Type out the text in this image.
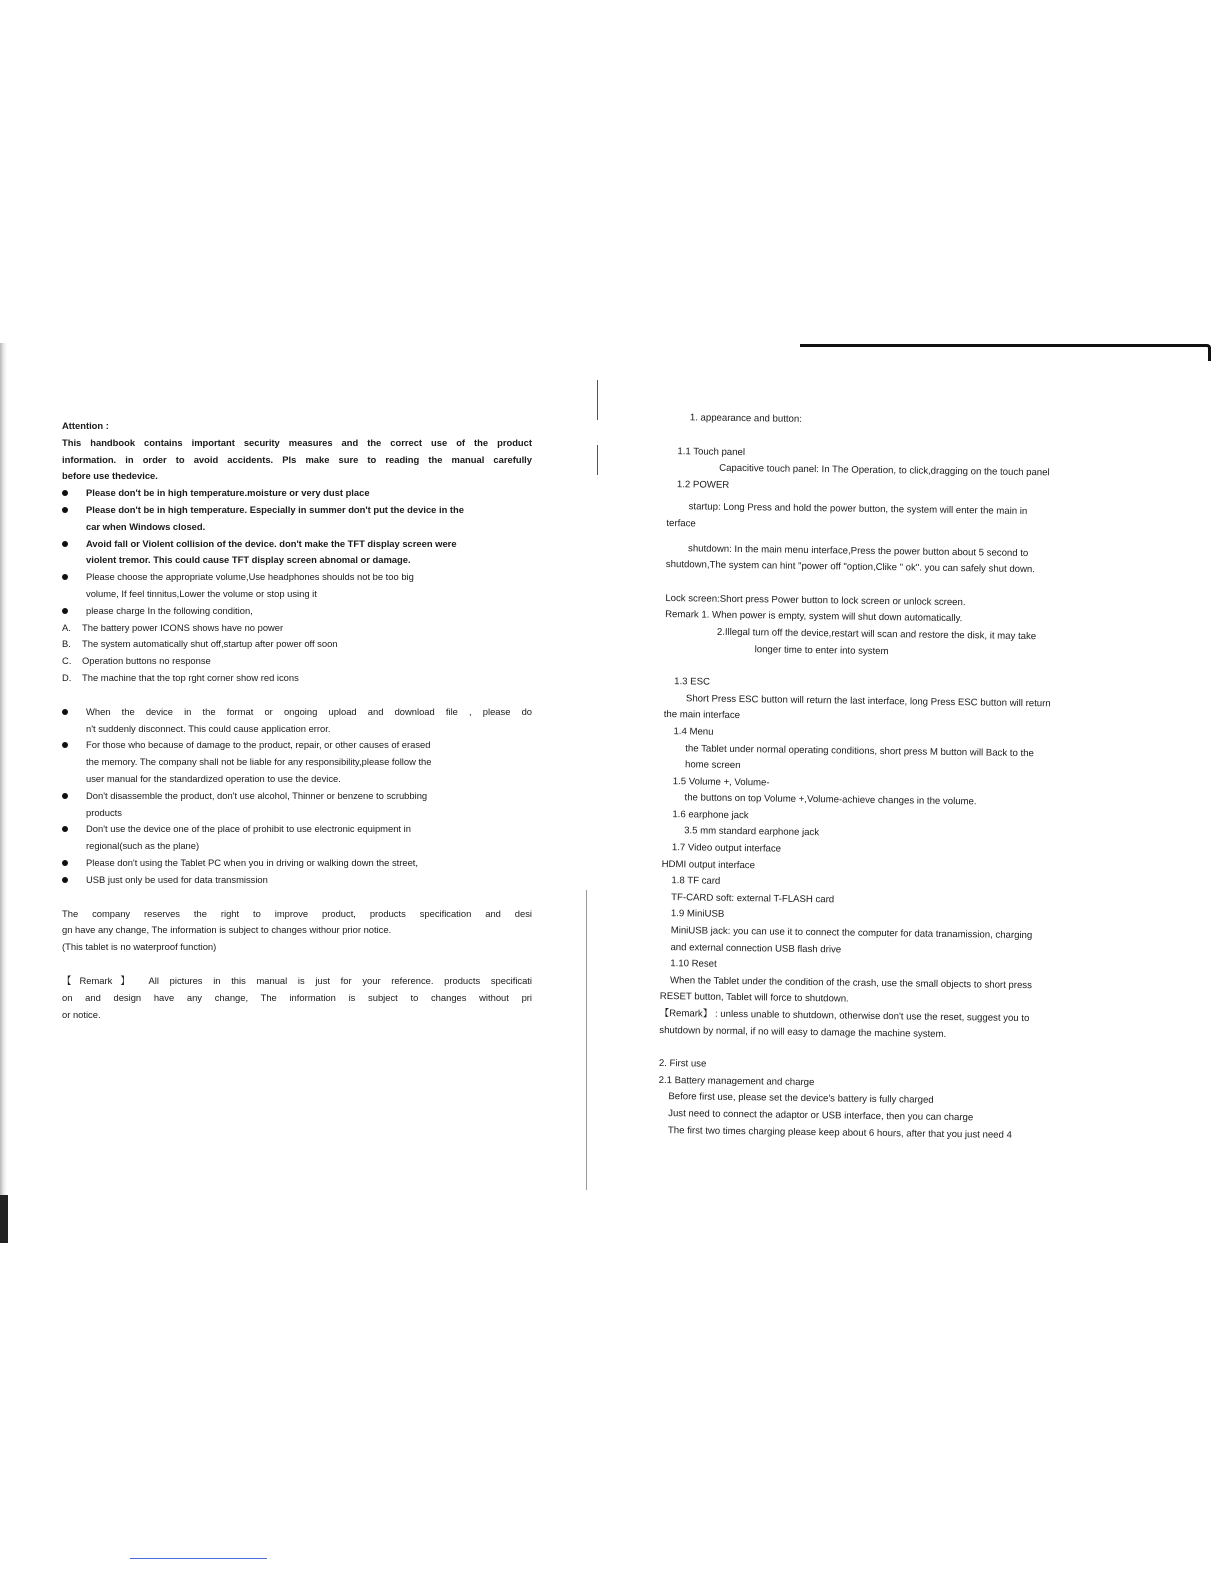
Attention :

This handbook contains important security measures and the correct use of the product

information. in order to avoid accidents. Pls make sure to reading the manual carefully

before use thedevice.

Please don't be in high temperature.moisture or very dust place

Please don't be in high temperature. Especially in summer don't put the device in the

car when Windows closed.

Avoid fall or Violent collision of the device. don't make the TFT display screen were

violent tremor. This could cause TFT display screen abnomal or damage.

Please choose the appropriate volume,Use headphones shoulds not be too big

volume, If feel tinnitus,Lower the volume or stop using it

please charge In the following condition,

A. The battery power ICONS shows have no power
B. The system automatically shut off,startup after power off soon
C. Operation buttons no response
D. The machine that the top rght corner show red icons

When the device in the format or ongoing upload and download file , please do

n't suddenly disconnect. This could cause application error.

For those who because of damage to the product, repair, or other causes of erased

the memory. The company shall not be liable for any responsibility,please follow the

user manual for the standardized operation to use the device.

Don't disassemble the product, don't use alcohol, Thinner or benzene to scrubbing

products

Don't use the device one of the place of prohibit to use electronic equipment in

regional(such as the plane)

Please don't using the Tablet PC when you in driving or walking down the street,

USB just only be used for data transmission

The company reserves the right to improve product, products specification and desi

gn have any change, The information is subject to changes withour prior notice.

(This tablet is no waterproof function)

【Remark】 All pictures in this manual is just for your reference. products specificati

on and design have any change, The information is subject to changes without pri

or notice.

1. appearance and button:

1.1 Touch panel

Capacitive touch panel: In The Operation, to click,dragging on the touch panel

1.2 POWER

startup: Long Press and hold the power button, the system will enter the main in

terface

shutdown: In the main menu interface,Press the power button about 5 second to

shutdown,The system can hint "power off "option,Clike " ok". you can safely shut down.

Lock screen:Short press Power button to lock screen or unlock screen.

Remark 1. When power is empty, system will shut down automatically.

2.Illegal turn off the device,restart will scan and restore the disk, it may take

longer time to enter into system

1.3 ESC

Short Press ESC button will return the last interface, long Press ESC button will return

the main interface

1.4 Menu

the Tablet under normal operating conditions, short press M button will Back to the

home screen

1.5 Volume +, Volume-

the buttons on top Volume +,Volume-achieve changes in the volume.

1.6 earphone jack

3.5 mm standard earphone jack

1.7 Video output interface

HDMI output interface

1.8 TF card

TF-CARD soft: external T-FLASH card

1.9 MiniUSB

MiniUSB jack: you can use it to connect the computer for data tranamission, charging

and external connection USB flash drive

1.10 Reset

When the Tablet under the condition of the crash, use the small objects to short press

RESET button, Tablet will force to shutdown.

【Remark】 : unless unable to shutdown, otherwise don't use the reset, suggest you to

shutdown by normal, if no will easy to damage the machine system.

2. First use

2.1 Battery management and charge

Before first use, please set the device's battery is fully charged

Just need to connect the adaptor or USB interface, then you can charge

The first two times charging please keep about 6 hours, after that you just need 4
